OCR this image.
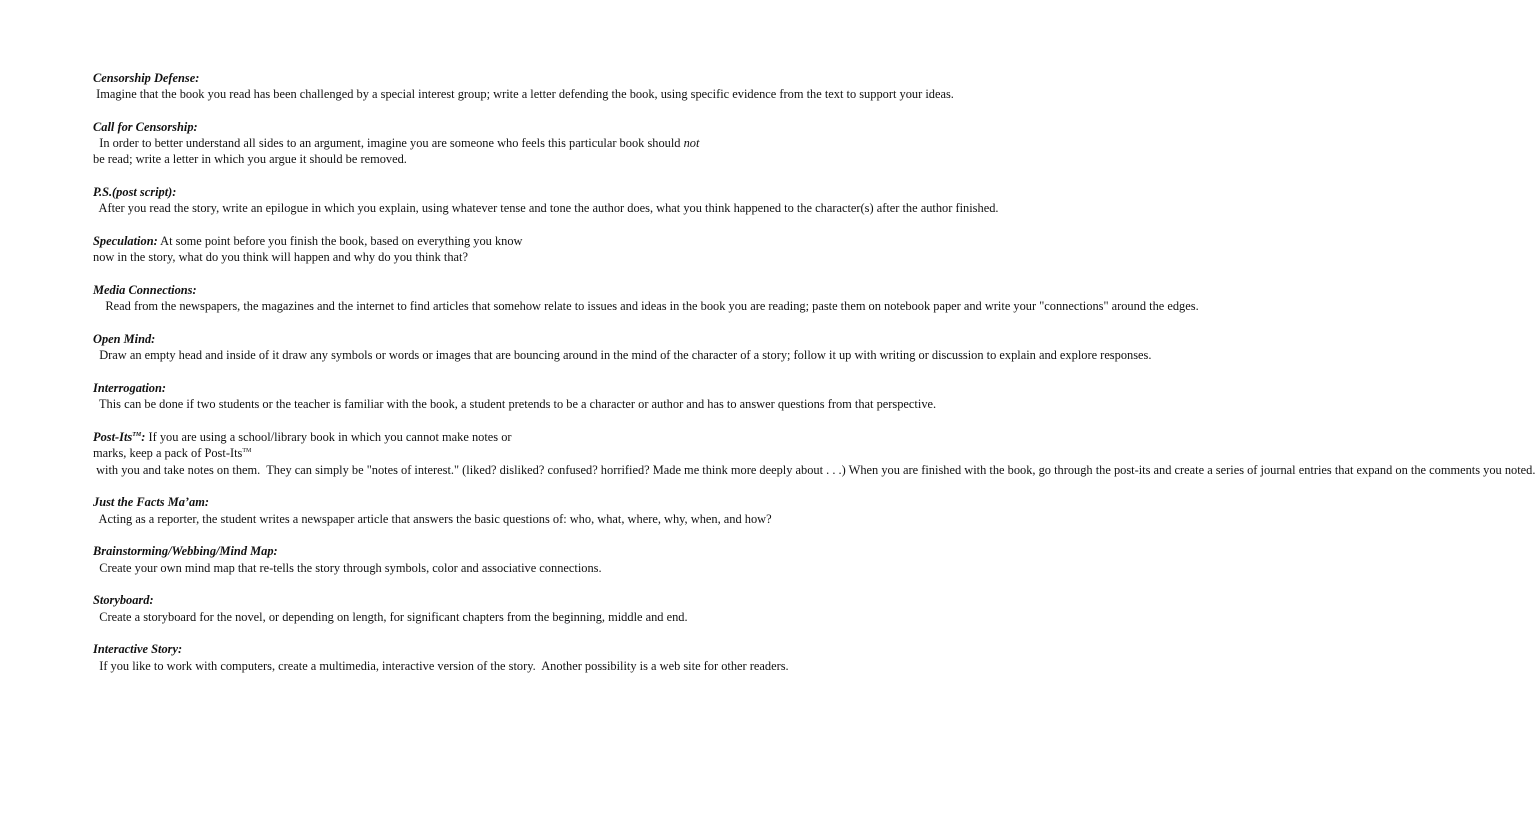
Censorship Defense: Imagine that the book you read has been challenged by a special interest group; write a letter defending the book, using specific evidence from the text to support your ideas.

Call for Censorship:  In order to better understand all sides to an argument, imagine you are someone who feels this particular book should not be read; write a letter in which you argue it should be removed.

P.S.(post script):  After you read the story, write an epilogue in which you explain, using whatever tense and tone the author does, what you think happened to the character(s) after the author finished.

Speculation: At some point before you finish the book, based on everything you know now in the story, what do you think will happen and why do you think that?

Media Connections:    Read from the newspapers, the magazines and the internet to find articles that somehow relate to issues and ideas in the book you are reading; paste them on notebook paper and write your "connections" around the edges.

Open Mind:  Draw an empty head and inside of it draw any symbols or words or images that are bouncing around in the mind of the character of a story; follow it up with writing or discussion to explain and explore responses.

Interrogation:  This can be done if two students or the teacher is familiar with the book, a student pretends to be a character or author and has to answer questions from that perspective.

Post-Its™: If you are using a school/library book in which you cannot make notes or marks, keep a pack of Post-Its™ with you and take notes on them.  They can simply be "notes of interest." (liked? disliked? confused? horrified? Made me think more deeply about . . .) When you are finished with the book, go through the post-its and create a series of journal entries that expand on the comments you noted.

Just the Facts Ma’am:  Acting as a reporter, the student writes a newspaper article that answers the basic questions of: who, what, where, why, when, and how?

Brainstorming/Webbing/Mind Map:  Create your own mind map that re-tells the story through symbols, color and associative connections.

Storyboard:  Create a storyboard for the novel, or depending on length, for significant chapters from the beginning, middle and end.

Interactive Story:  If you like to work with computers, create a multimedia, interactive version of the story.  Another possibility is a web site for other readers.
